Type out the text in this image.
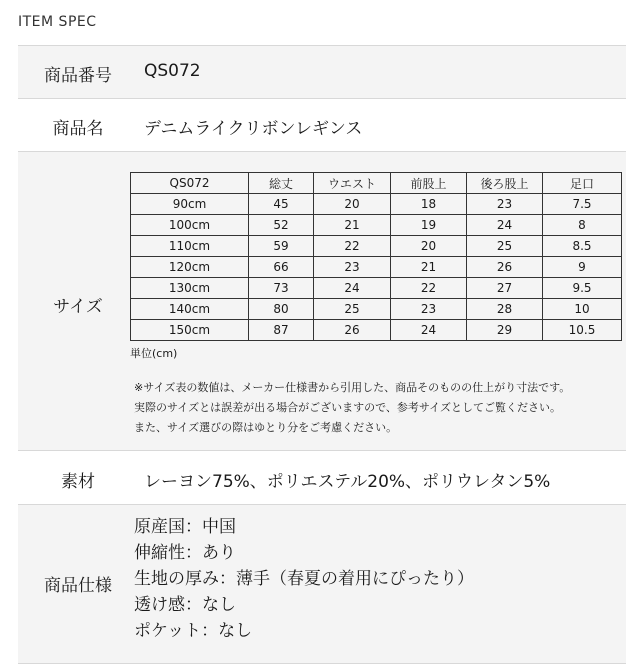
ITEM SPEC
商品番号	QS072
商品名	デニムライクリボンレギンス
サイズ
QS072	総丈	ウエスト	前股上	後ろ股上	足口
90cm	45	20	18	23	7.5
100cm	52	21	19	24	8
110cm	59	22	20	25	8.5
120cm	66	23	21	26	9
130cm	73	24	22	27	9.5
140cm	80	25	23	28	10
150cm	87	26	24	29	10.5
単位(cm)
※サイズ表の数値は、メーカー仕様書から引用した、商品そのものの仕上がり寸法です。
実際のサイズとは誤差が出る場合がございますので、参考サイズとしてご覧ください。
また、サイズ選びの際はゆとり分をご考慮ください。
素材	レーヨン75%、ポリエステル20%、ポリウレタン5%
商品仕様
原産国：中国
伸縮性：あり
生地の厚み：薄手（春夏の着用にぴったり）
透け感：なし
ポケット：なし
